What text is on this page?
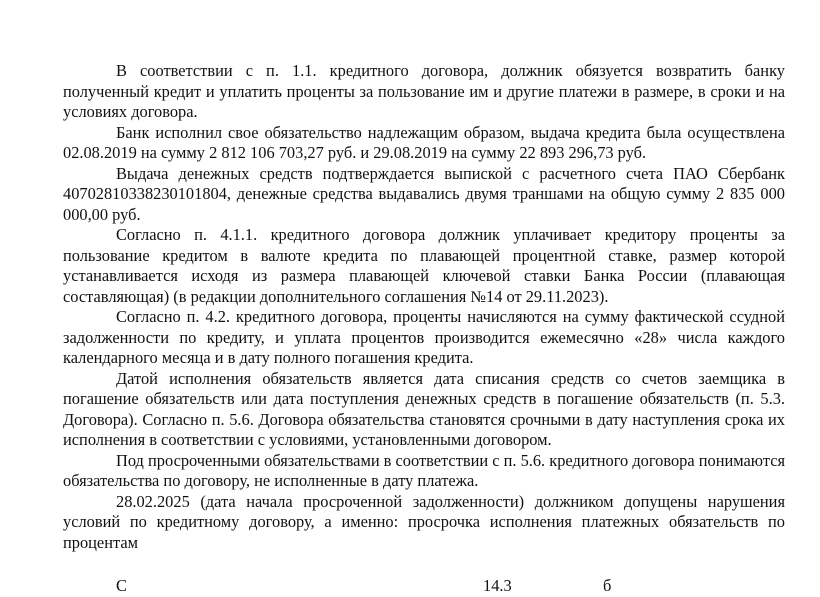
В соответствии с п. 1.1. кредитного договора, должник обязуется возвратить банку полученный кредит и уплатить проценты за пользование им и другие платежи в размере, в сроки и на условиях договора.

Банк исполнил свое обязательство надлежащим образом, выдача кредита была осуществлена 02.08.2019 на сумму 2 812 106 703,27 руб. и 29.08.2019 на сумму 22 893 296,73 руб.

Выдача денежных средств подтверждается выпиской с расчетного счета ПАО Сбербанк 40702810338230101804, денежные средства выдавались двумя траншами на общую сумму 2 835 000 000,00 руб.

Согласно п. 4.1.1. кредитного договора должник уплачивает кредитору проценты за пользование кредитом в валюте кредита по плавающей процентной ставке, размер которой устанавливается исходя из размера плавающей ключевой ставки Банка России (плавающая составляющая) (в редакции дополнительного соглашения №14 от 29.11.2023).

Согласно п. 4.2. кредитного договора, проценты начисляются на сумму фактической ссудной задолженности по кредиту, и уплата процентов производится ежемесячно «28» числа каждого календарного месяца и в дату полного погашения кредита.

Датой исполнения обязательств является дата списания средств со счетов заемщика в погашение обязательств или дата поступления денежных средств в погашение обязательств (п. 5.3. Договора). Согласно п. 5.6. Договора обязательства становятся срочными в дату наступления срока их исполнения в соответствии с условиями, установленными договором.

Под просроченными обязательствами в соответствии с п. 5.6. кредитного договора понимаются обязательства по договору, не исполненные в дату платежа.

28.02.2025 (дата начала просроченной задолженности) должником допущены нарушения условий по кредитному договору, а именно: просрочка исполнения платежных обязательств по процентам

С	14.3	б
